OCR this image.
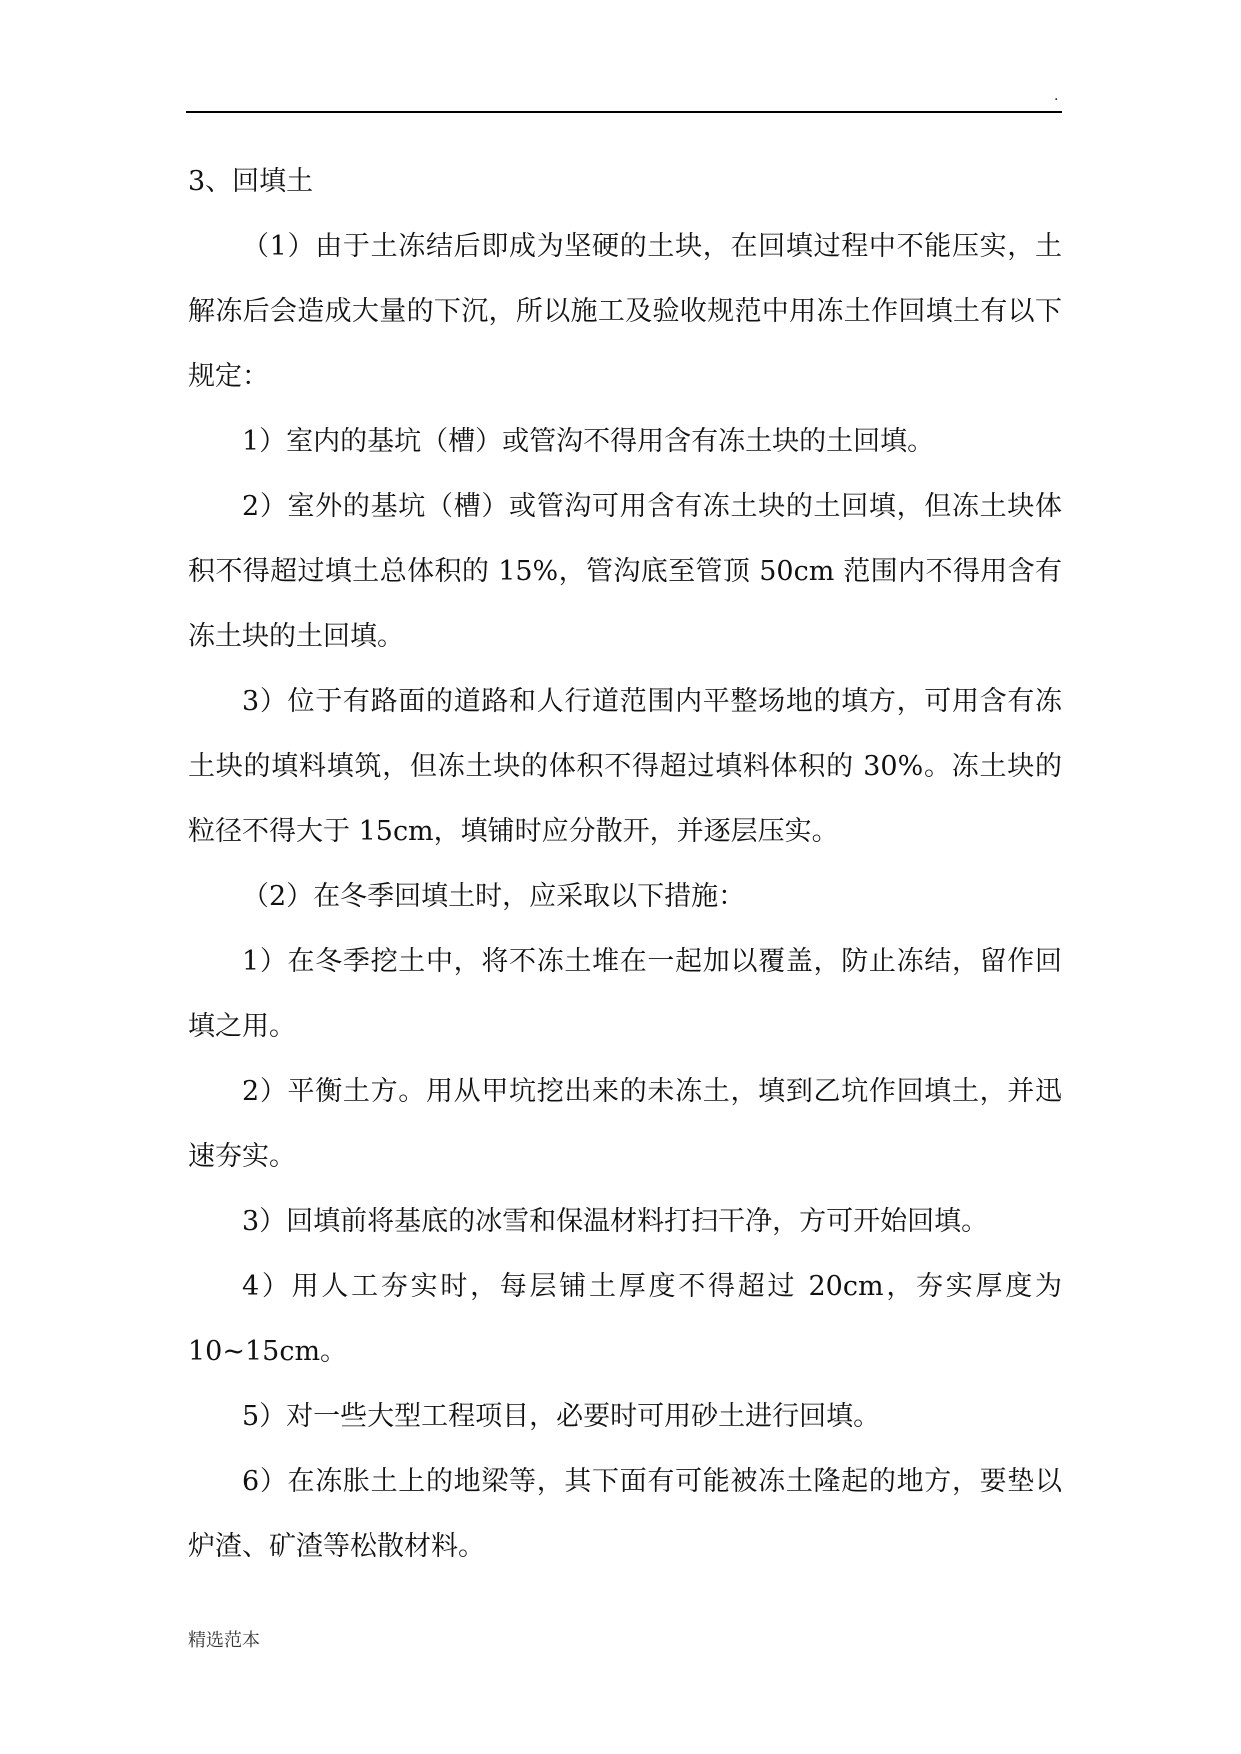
.
3、回填土

（1）由于土冻结后即成为坚硬的土块，在回填过程中不能压实，土解冻后会造成大量的下沉，所以施工及验收规范中用冻土作回填土有以下规定：

1）室内的基坑（槽）或管沟不得用含有冻土块的土回填。

2）室外的基坑（槽）或管沟可用含有冻土块的土回填，但冻土块体积不得超过填土总体积的 15%，管沟底至管顶 50cm 范围内不得用含有冻土块的土回填。

3）位于有路面的道路和人行道范围内平整场地的填方，可用含有冻土块的填料填筑，但冻土块的体积不得超过填料体积的 30%。冻土块的粒径不得大于 15cm，填铺时应分散开，并逐层压实。

（2）在冬季回填土时，应采取以下措施：

1）在冬季挖土中，将不冻土堆在一起加以覆盖，防止冻结，留作回填之用。

2）平衡土方。用从甲坑挖出来的未冻土，填到乙坑作回填土，并迅速夯实。

3）回填前将基底的冰雪和保温材料打扫干净，方可开始回填。

4）用人工夯实时，每层铺土厚度不得超过 20cm，夯实厚度为 10~15cm。

5）对一些大型工程项目，必要时可用砂土进行回填。

6）在冻胀土上的地梁等，其下面有可能被冻土隆起的地方，要垫以炉渣、矿渣等松散材料。

精选范本
